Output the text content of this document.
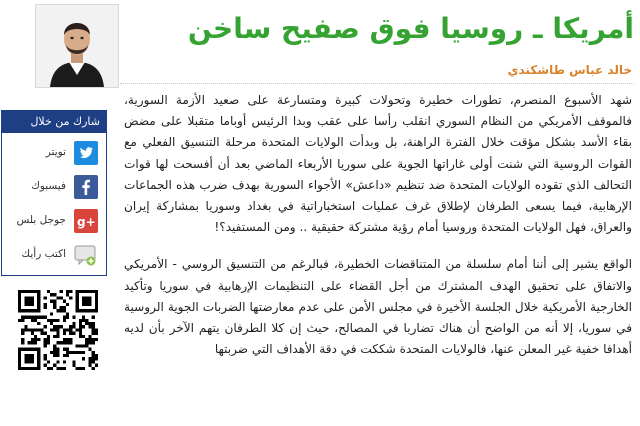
أمريكا ـ روسيا فوق صفيح ساخن
خالد عباس طاشكندي

شهد الأسبوع المنصرم، تطورات خطيرة وتحولات كبيرة ومتسارعة على صعيد الأزمة السورية، فالموقف الأمريكي من النظام السوري انقلب رأسا على عقب وبدا الرئيس أوباما متقبلا على مضض بقاء الأسد بشكل مؤقت خلال الفترة الراهنة، بل وبدأت الولايات المتحدة مرحلة التنسيق الفعلي مع القوات الروسية التي شنت أولى غاراتها الجوية على سوريا الأربعاء الماضي بعد أن أفسحت لها قوات التحالف الذي تقوده الولايات المتحدة ضد تنظيم «داعش» الأجواء السورية بهدف ضرب هذه الجماعات الإرهابية، فيما يسعى الطرفان لإطلاق غرف عمليات استخباراتية في بغداد وسوريا بمشاركة إيران والعراق، فهل الولايات المتحدة وروسيا أمام رؤية مشتركة حقيقية .. ومن المستفيد؟!

الواقع يشير إلى أننا أمام سلسلة من المتناقضات الخطيرة، فبالرغم من التنسيق الروسي - الأمريكي والاتفاق على تحقيق الهدف المشترك من أجل القضاء على التنظيمات الإرهابية في سوريا وتأكيد الخارجية الأمريكية خلال الجلسة الأخيرة في مجلس الأمن على عدم معارضتها الضربات الجوية الروسية في سوريا، إلا أنه من الواضح أن هناك تضاربا في المصالح، حيث إن كلا الطرفان يتهم الآخر بأن لديه أهدافا خفية غير المعلن عنها، فالولايات المتحدة شككت في دقة الأهداف التي ضربتها

شارك من خلال
تويتر
فيسبوك
جوجل بلس g+
اكتب رأيك
